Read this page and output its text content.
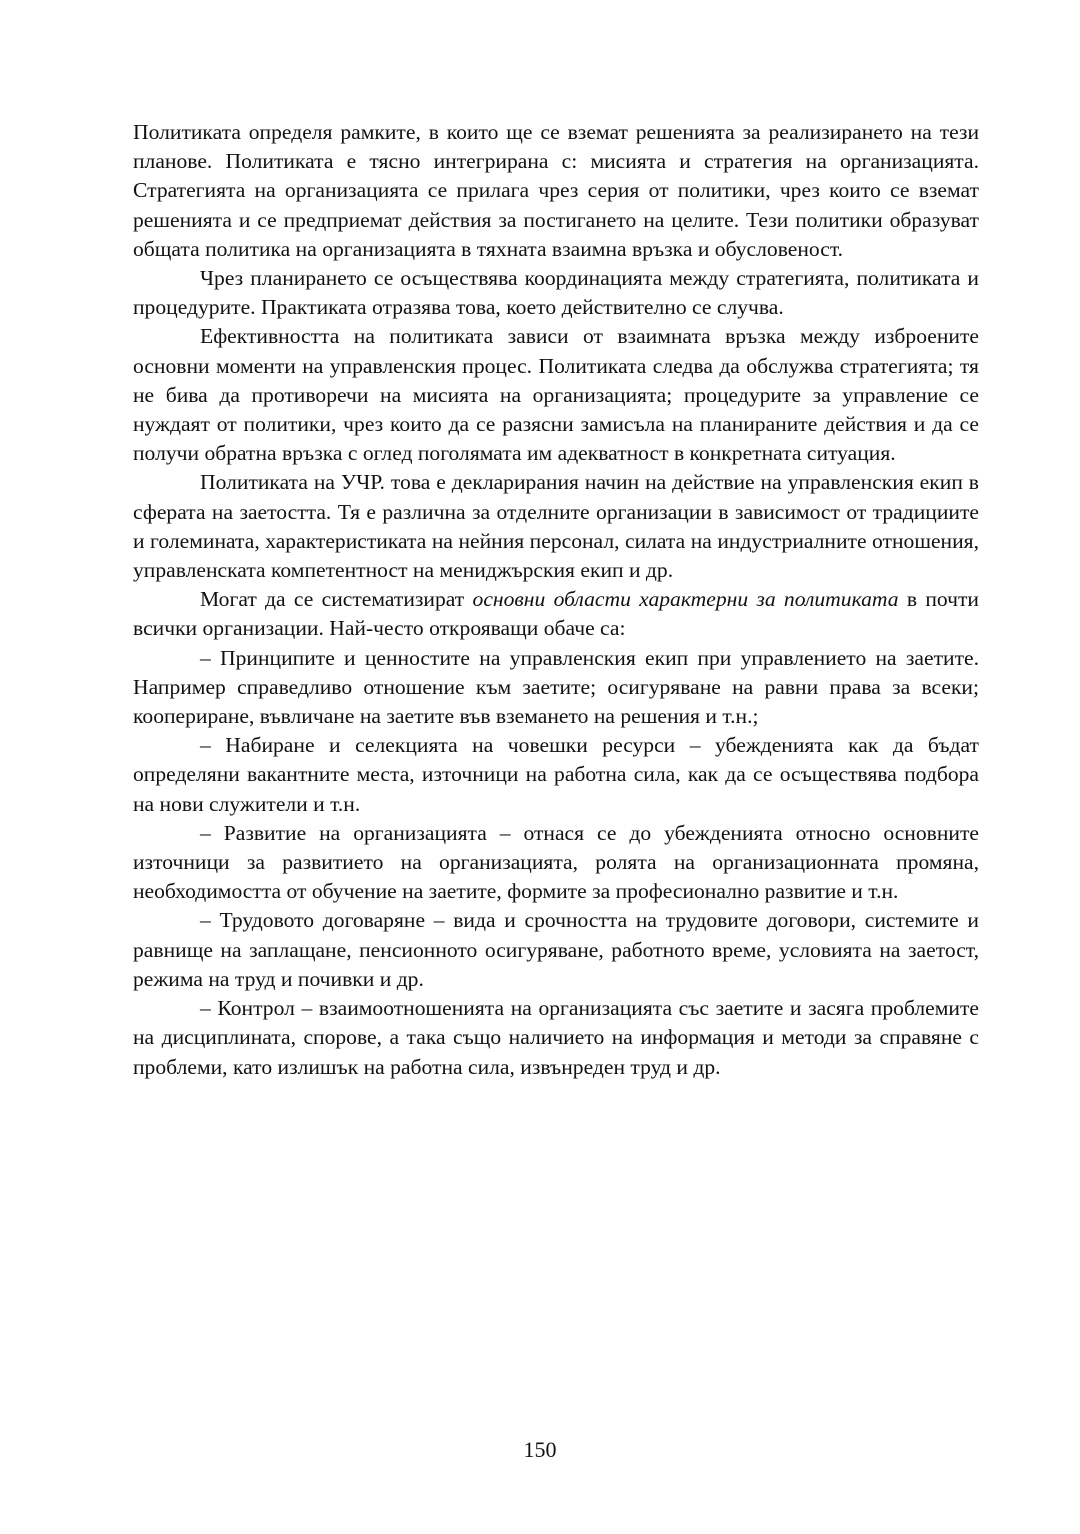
Политиката определя рамките, в които ще се вземат решенията за реализирането на тези планове. Политиката е тясно интегрирана с: мисията и стратегия на организацията. Стратегията на организацията се прилага чрез серия от политики, чрез които се вземат решенията и се предприемат действия за постигането на целите. Тези политики образуват общата политика на организацията в тяхната взаимна връзка и обусловеност.

Чрез планирането се осъществява координацията между стратегията, политиката и процедурите. Практиката отразява това, което действително се случва.

Ефективността на политиката зависи от взаимната връзка между изброените основни моменти на управленския процес. Политиката следва да обслужва стратегията; тя не бива да противоречи на мисията на организацията; процедурите за управление се нуждаят от политики, чрез които да се разясни замисъла на планираните действия и да се получи обратна връзка с оглед поголямата им адекватност в конкретната ситуация.

Политиката на УЧР. това е декларирания начин на действие на управленския екип в сферата на заетостта. Тя е различна за отделните организации в зависимост от традициите и големината, характеристиката на нейния персонал, силата на индустриалните отношения, управленската компетентност на мениджърския екип и др.

Могат да се систематизират основни области характерни за политиката в почти всички организации. Най-често открояващи обаче са:

– Принципите и ценностите на управленския екип при управлението на заетите. Например справедливо отношение към заетите; осигуряване на равни права за всеки; коопериране, въвличане на заетите във вземането на решения и т.н.;

– Набиране и селекцията на човешки ресурси – убежденията как да бъдат определяни вакантните места, източници на работна сила, как да се осъществява подбора на нови служители и т.н.

– Развитие на организацията – отнася се до убежденията относно основните източници за развитието на организацията, ролята на организационната промяна, необходимостта от обучение на заетите, формите за професионално развитие и т.н.

– Трудовото договаряне – вида и срочността на трудовите договори, системите и равнище на заплащане, пенсионното осигуряване, работното време, условията на заетост, режима на труд и почивки и др.

– Контрол – взаимоотношенията на организацията със заетите и засяга проблемите на дисциплината, спорове, а така също наличието на информация и методи за справяне с проблеми, като излишък на работна сила, извънреден труд и др.

150
